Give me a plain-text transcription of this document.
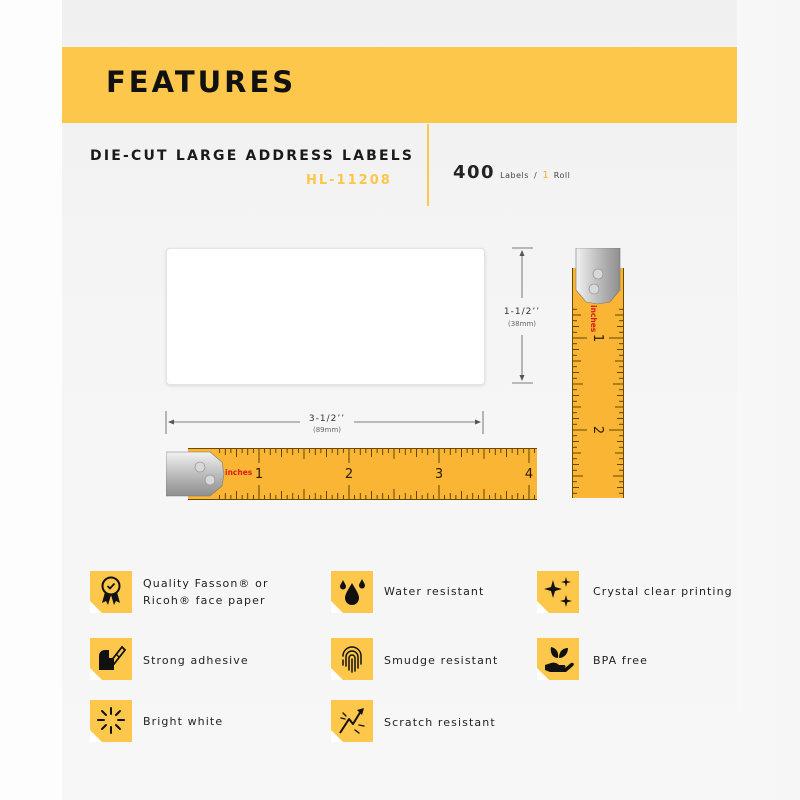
FEATURES
DIE-CUT LARGE ADDRESS LABELS
HL-11208	400 Labels / 1 Roll
1-1/2’’
(38mm)
3-1/2’’
(89mm)
inches 1	2	3	4
inches
1
2
Quality Fasson® or
Ricoh® face paper
Water resistant	Crystal clear printing
Strong adhesive	Smudge resistant	BPA free
Bright white	Scratch resistant
